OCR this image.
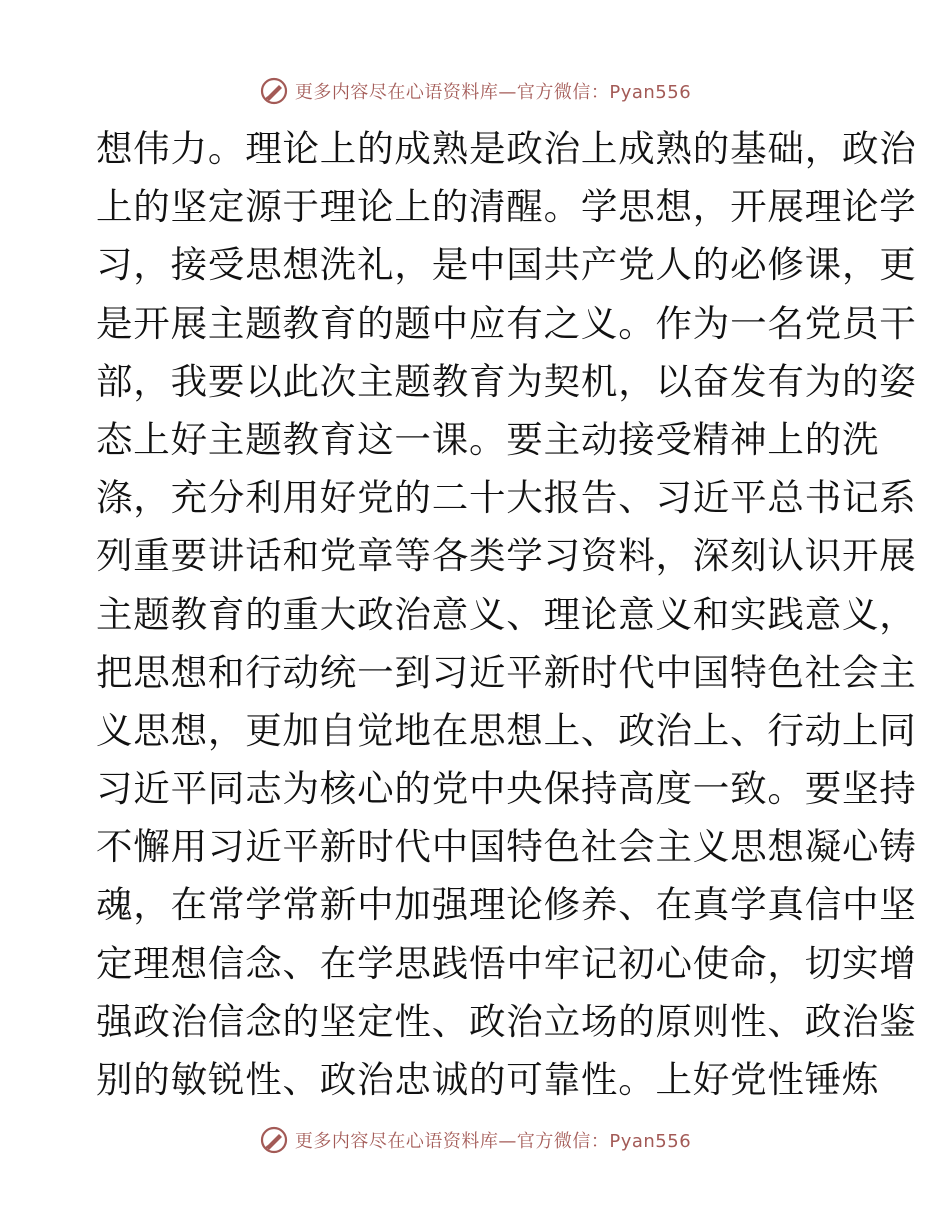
更多内容尽在心语资料库—官方微信：Pyan556
想伟力。理论上的成熟是政治上成熟的基础，政治
上的坚定源于理论上的清醒。学思想，开展理论学
习，接受思想洗礼，是中国共产党人的必修课，更
是开展主题教育的题中应有之义。作为一名党员干
部，我要以此次主题教育为契机，以奋发有为的姿
态上好主题教育这一课。要主动接受精神上的洗
涤，充分利用好党的二十大报告、习近平总书记系
列重要讲话和党章等各类学习资料，深刻认识开展
主题教育的重大政治意义、理论意义和实践意义，
把思想和行动统一到习近平新时代中国特色社会主
义思想，更加自觉地在思想上、政治上、行动上同
习近平同志为核心的党中央保持高度一致。要坚持
不懈用习近平新时代中国特色社会主义思想凝心铸
魂，在常学常新中加强理论修养、在真学真信中坚
定理想信念、在学思践悟中牢记初心使命，切实增
强政治信念的坚定性、政治立场的原则性、政治鉴
别的敏锐性、政治忠诚的可靠性。上好党性锤炼
更多内容尽在心语资料库—官方微信：Pyan556
